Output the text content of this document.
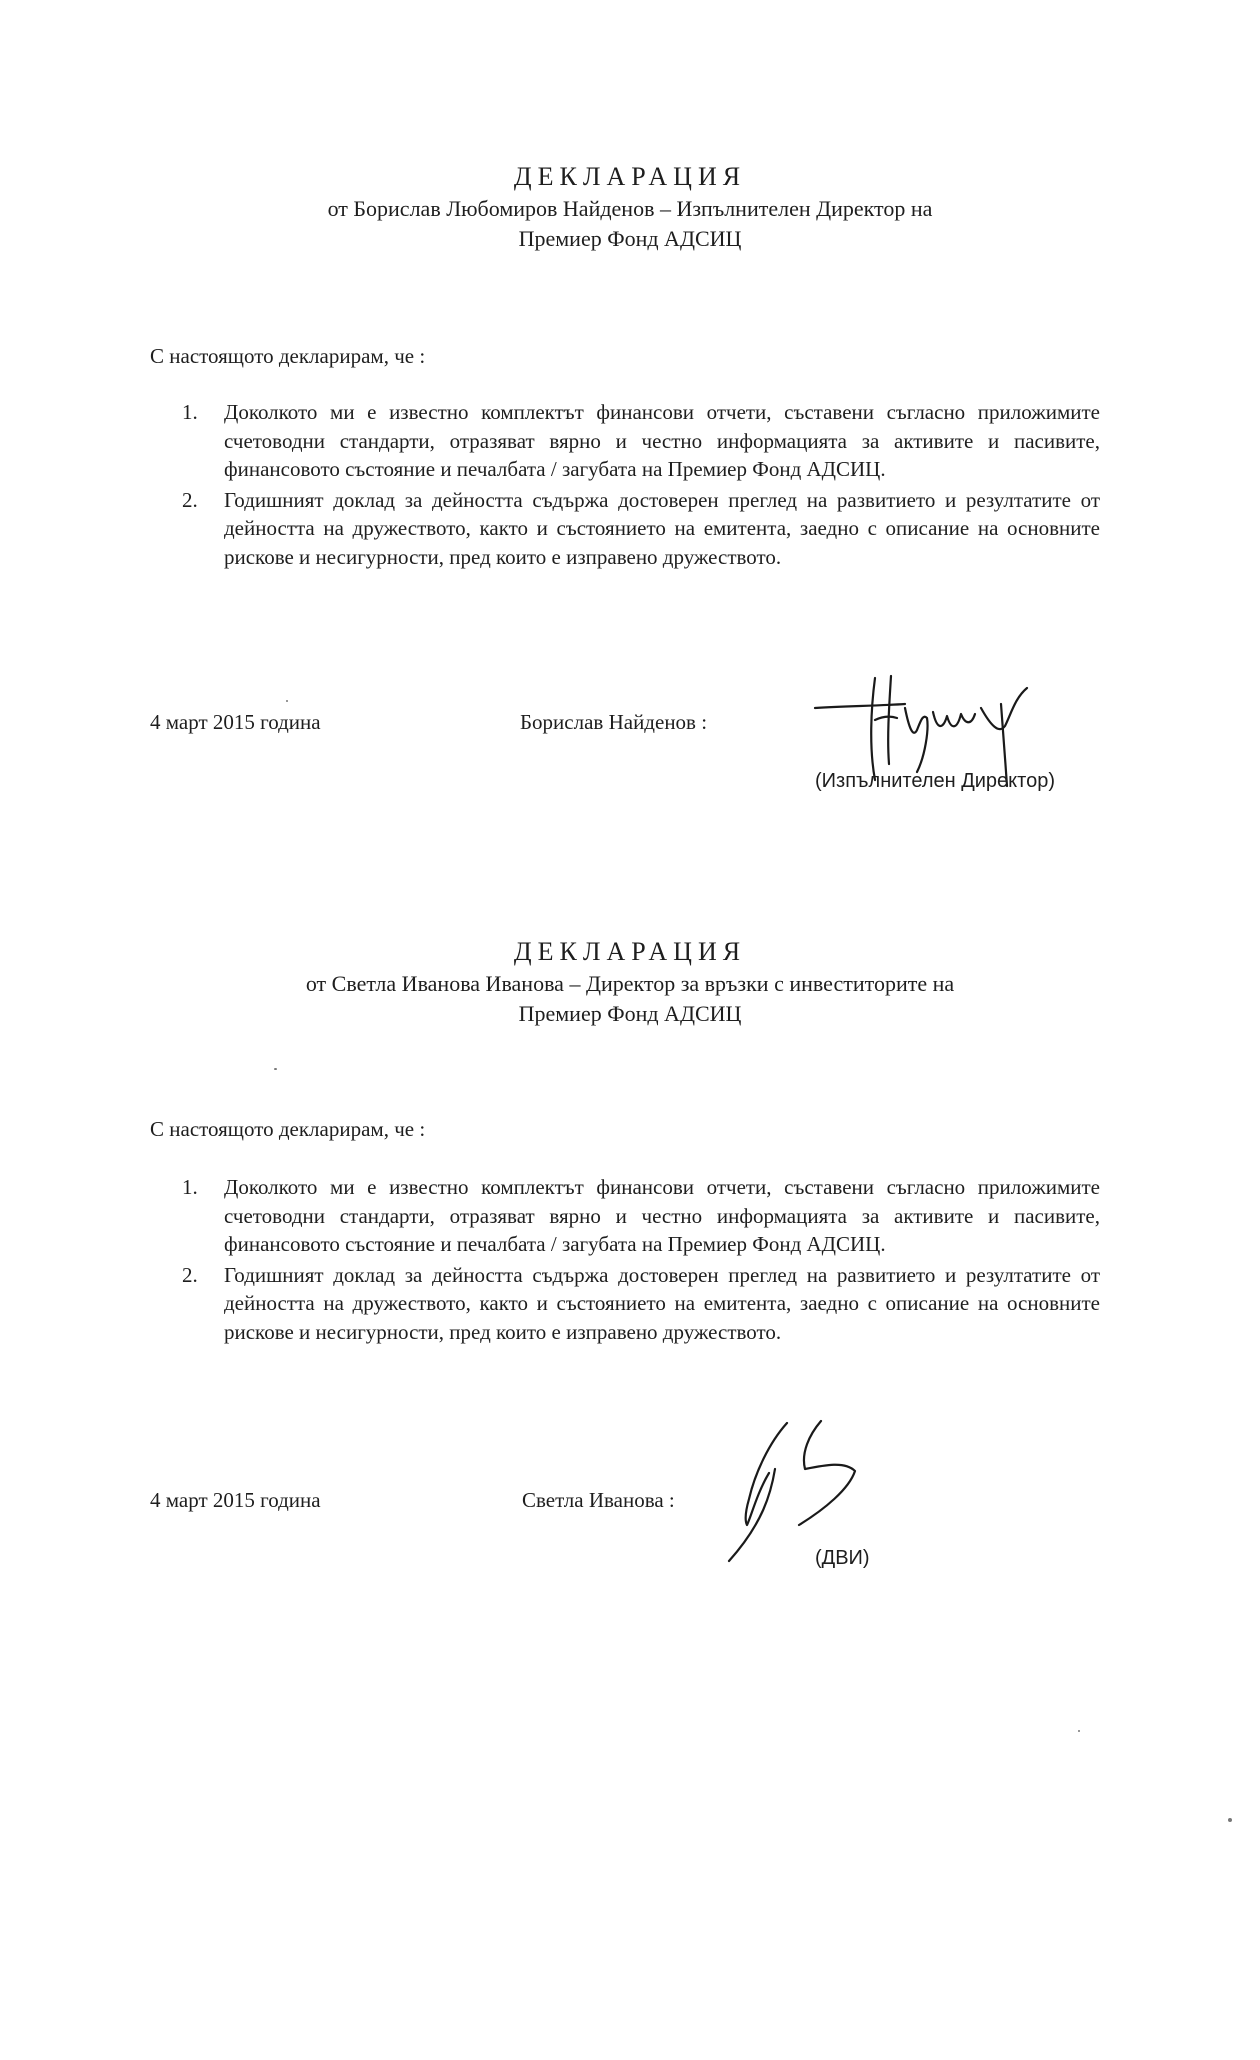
ДЕКЛАРАЦИЯ

от Борислав Любомиров Найденов – Изпълнителен Директор на

Премиер Фонд АДСИЦ

С настоящото декларирам, че :
1. Доколкото ми е известно комплектът финансови отчети, съставени съгласно приложимите счетоводни стандарти, отразяват вярно и честно информацията за активите и пасивите, финансовото състояние и печалбата / загубата на Премиер Фонд АДСИЦ.
2. Годишният доклад за дейността съдържа достоверен преглед на развитието и резултатите от дейността на дружеството, както и състоянието на емитента, заедно с описание на основните рискове и несигурности, пред които е изправено дружеството.
4 март 2015 година	Борислав Найденов :
(Изпълнителен Директор)
ДЕКЛАРАЦИЯ

от Светла Иванова Иванова – Директор за връзки с инвеститорите на

Премиер Фонд АДСИЦ

С настоящото декларирам, че :
1. Доколкото ми е известно комплектът финансови отчети, съставени съгласно приложимите счетоводни стандарти, отразяват вярно и честно информацията за активите и пасивите, финансовото състояние и печалбата / загубата на Премиер Фонд АДСИЦ.
2. Годишният доклад за дейността съдържа достоверен преглед на развитието и резултатите от дейността на дружеството, както и състоянието на емитента, заедно с описание на основните рискове и несигурности, пред които е изправено дружеството.
4 март 2015 година	Светла Иванова :
(ДВИ)
